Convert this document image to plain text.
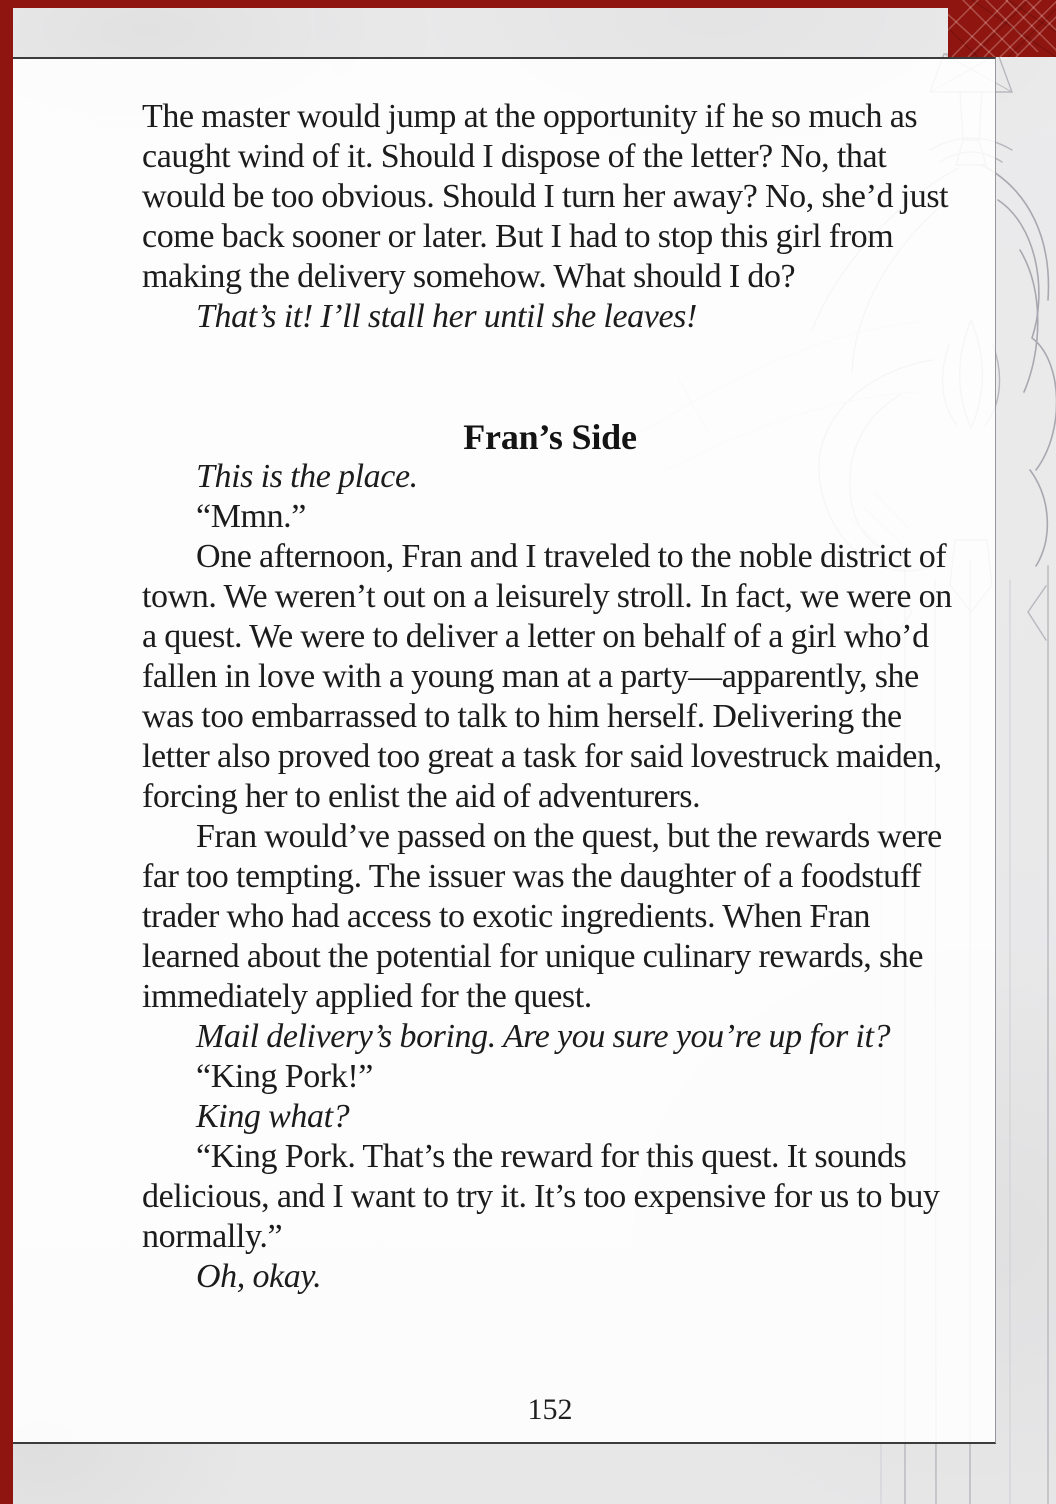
The master would jump at the opportunity if he so much as caught wind of it. Should I dispose of the letter? No, that would be too obvious. Should I turn her away? No, she’d just come back sooner or later. But I had to stop this girl from making the delivery somehow. What should I do?

That’s it! I’ll stall her until she leaves!

Fran’s Side

This is the place.

“Mmn.”

One afternoon, Fran and I traveled to the noble district of town. We weren’t out on a leisurely stroll. In fact, we were on a quest. We were to deliver a letter on behalf of a girl who’d fallen in love with a young man at a party—apparently, she was too embarrassed to talk to him herself. Delivering the letter also proved too great a task for said lovestruck maiden, forcing her to enlist the aid of adventurers.

Fran would’ve passed on the quest, but the rewards were far too tempting. The issuer was the daughter of a foodstuff trader who had access to exotic ingredients. When Fran learned about the potential for unique culinary rewards, she immediately applied for the quest.

Mail delivery’s boring. Are you sure you’re up for it?

“King Pork!”

King what?

“King Pork. That’s the reward for this quest. It sounds delicious, and I want to try it. It’s too expensive for us to buy normally.”

Oh, okay.

152
